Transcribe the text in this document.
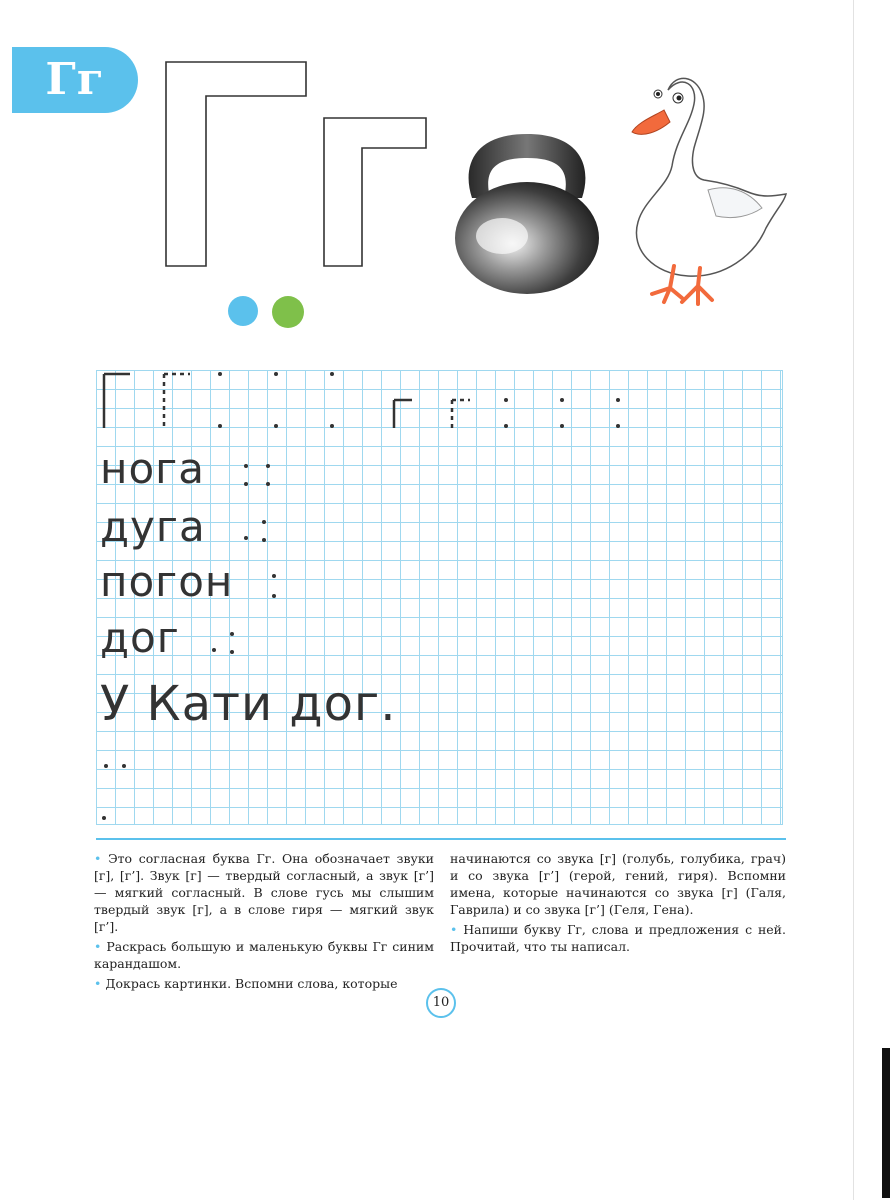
Гг
нога
дуга
погон
дог
У Кати дог.

• Это согласная буква Гг. Она обозначает звуки [г], [г’]. Звук [г] — твердый согласный, а звук [г’] — мягкий согласный. В слове гусь мы слышим твердый звук [г], а в слове гиря — мягкий звук [г’].

• Раскрась большую и маленькую буквы Гг синим карандашом.

• Докрась картинки. Вспомни слова, которые

начинаются со звука [г] (голубь, голубика, грач) и со звука [г’] (герой, гений, гиря). Вспомни имена, которые начинаются со звука [г] (Галя, Гаврила) и со звука [г’] (Геля, Гена).

• Напиши букву Гг, слова и предложения с ней. Прочитай, что ты написал.

10
